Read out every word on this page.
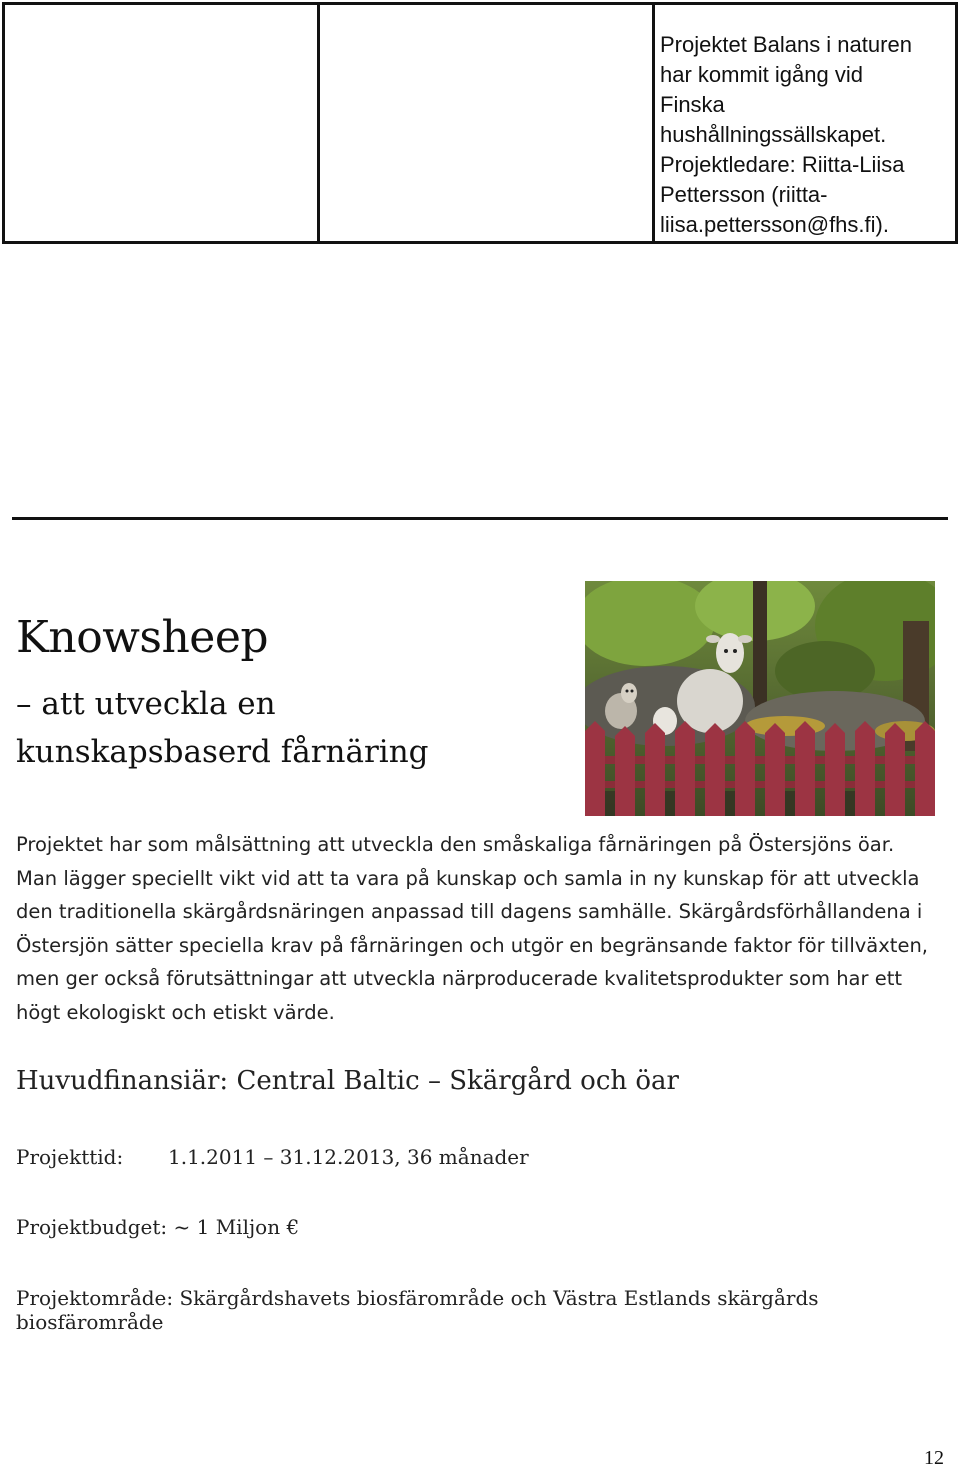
Projektet Balans i naturen
har kommit igång vid
Finska
hushållningssällskapet.
Projektledare: Riitta-Liisa
Pettersson (riitta-
liisa.pettersson@fhs.fi).
Knowsheep
– att utveckla en
kunskapsbaserd fårnäring
Projektet har som målsättning att utveckla den småskaliga fårnäringen på Östersjöns öar. Man lägger speciellt vikt vid att ta vara på kunskap och samla in ny kunskap för att utveckla den traditionella skärgårdsnäringen anpassad till dagens samhälle. Skärgårdsförhållandena i Östersjön sätter speciella krav på fårnäringen och utgör en begränsande faktor för tillväxten, men ger också förutsättningar att utveckla närproducerade kvalitetsprodukter som har ett högt ekologiskt och etiskt värde.
Huvudfinansiär: Central Baltic – Skärgård och öar
Projekttid: 1.1.2011 – 31.12.2013, 36 månader
Projektbudget: ~ 1 Miljon €
Projektområde: Skärgårdshavets biosfärområde och Västra Estlands skärgårds biosfärområde
12
